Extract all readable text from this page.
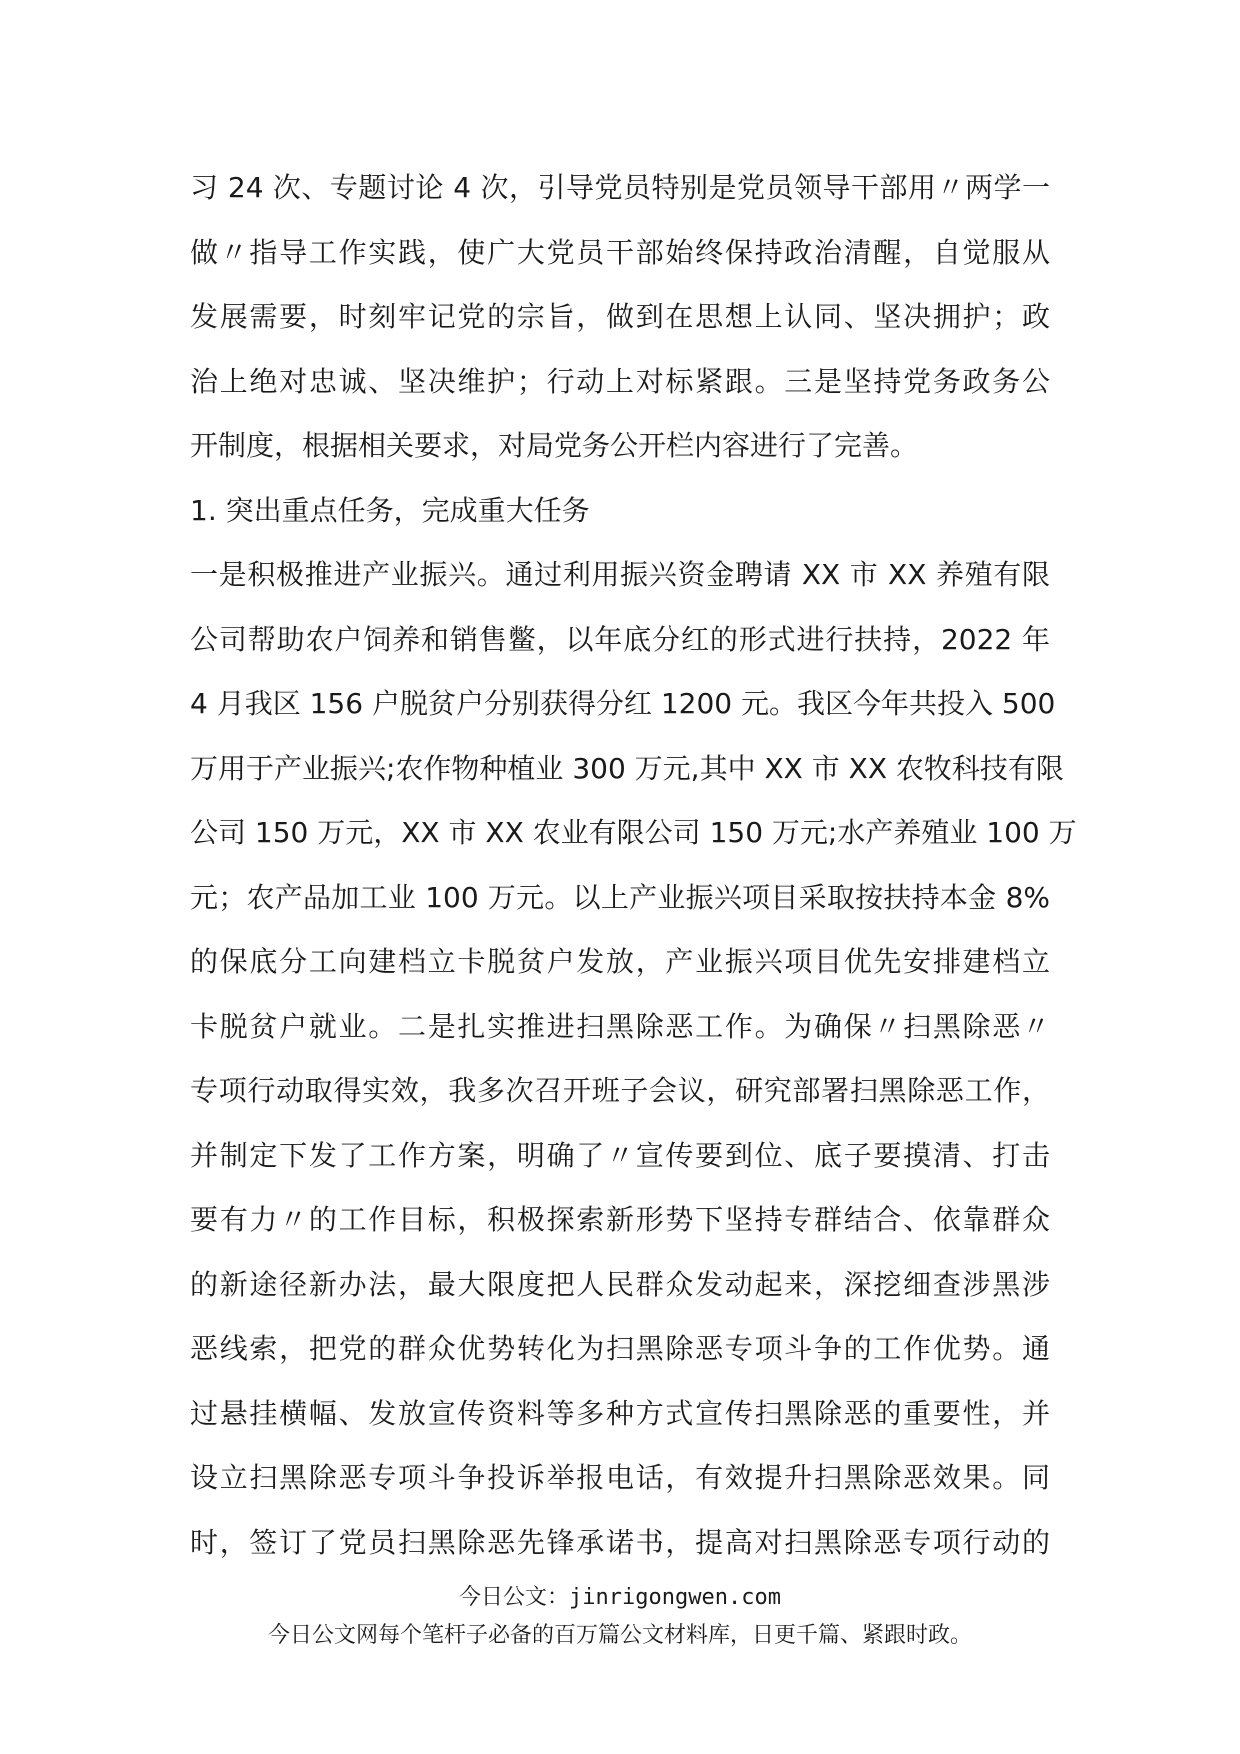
习 24 次、专题讨论 4 次，引导党员特别是党员领导干部用〃两学一
做〃指导工作实践，使广大党员干部始终保持政治清醒，自觉服从
发展需要，时刻牢记党的宗旨，做到在思想上认同、坚决拥护；政
治上绝对忠诚、坚决维护；行动上对标紧跟。三是坚持党务政务公
开制度，根据相关要求，对局党务公开栏内容进行了完善。
1. 突出重点任务，完成重大任务
一是积极推进产业振兴。通过利用振兴资金聘请 XX 市 XX 养殖有限
公司帮助农户饲养和销售鳖，以年底分红的形式进行扶持，2022 年
4 月我区 156 户脱贫户分别获得分红 1200 元。我区今年共投入 500
万用于产业振兴;农作物种植业 300 万元,其中 XX 市 XX 农牧科技有限
公司 150 万元，XX 市 XX 农业有限公司 150 万元;水产养殖业 100 万
元；农产品加工业 100 万元。以上产业振兴项目采取按扶持本金 8%
的保底分工向建档立卡脱贫户发放，产业振兴项目优先安排建档立
卡脱贫户就业。二是扎实推进扫黑除恶工作。为确保〃扫黑除恶〃
专项行动取得实效，我多次召开班子会议，研究部署扫黑除恶工作，
并制定下发了工作方案，明确了〃宣传要到位、底子要摸清、打击
要有力〃的工作目标，积极探索新形势下坚持专群结合、依靠群众
的新途径新办法，最大限度把人民群众发动起来，深挖细查涉黑涉
恶线索，把党的群众优势转化为扫黑除恶专项斗争的工作优势。通
过悬挂横幅、发放宣传资料等多种方式宣传扫黑除恶的重要性，并
设立扫黑除恶专项斗争投诉举报电话，有效提升扫黑除恶效果。同
时，签订了党员扫黑除恶先锋承诺书，提高对扫黑除恶专项行动的
今日公文：jinrigongwen.com
今日公文网每个笔杆子必备的百万篇公文材料库，日更千篇、紧跟时政。
